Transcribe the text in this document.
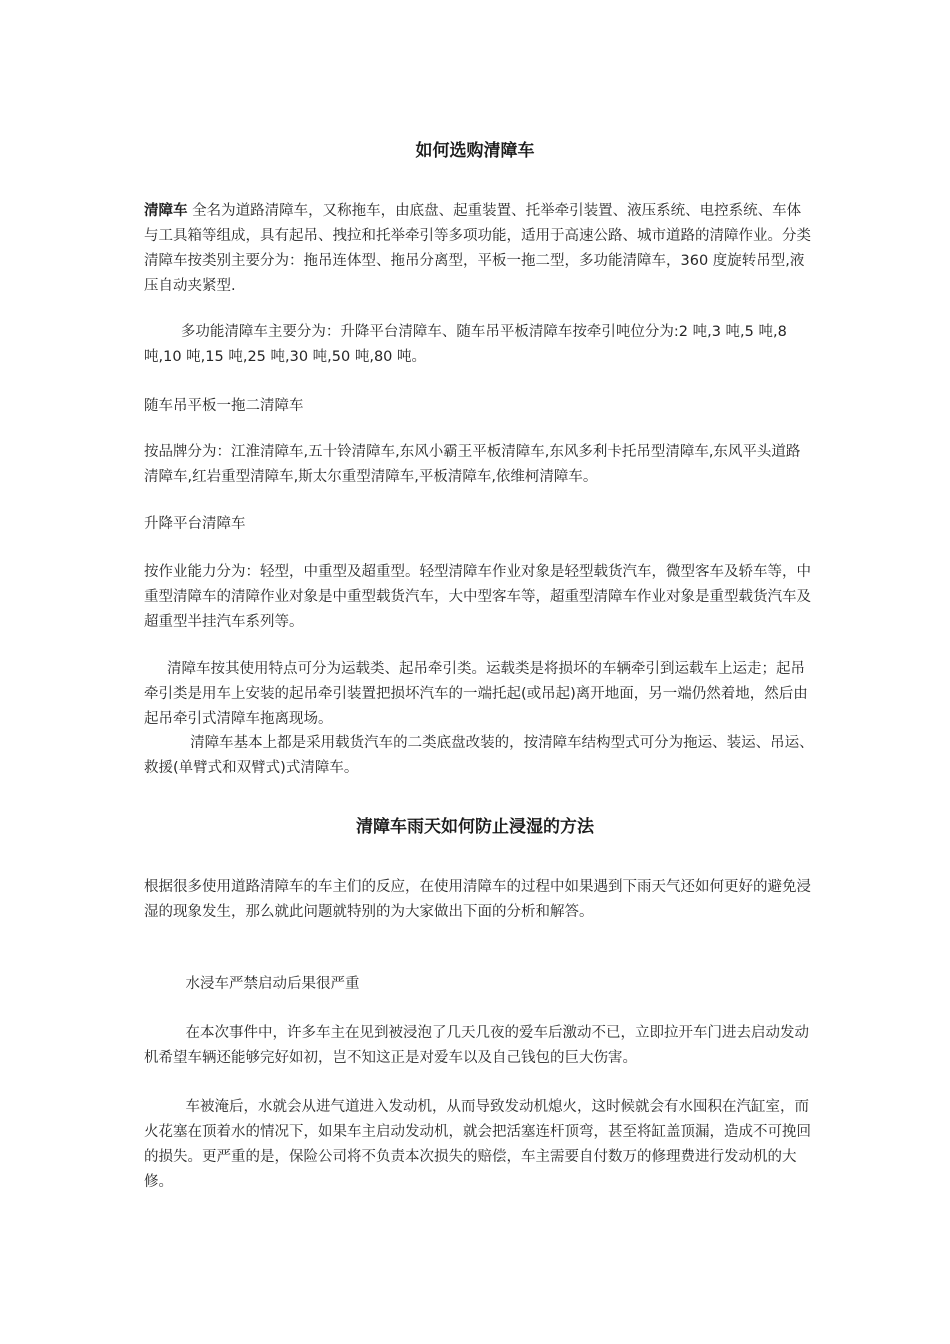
如何选购清障车
清障车 全名为道路清障车，又称拖车，由底盘、起重装置、托举牵引装置、液压系统、电控系统、车体与工具箱等组成，具有起吊、拽拉和托举牵引等多项功能，适用于高速公路、城市道路的清障作业。分类 清障车按类别主要分为：拖吊连体型、拖吊分离型，平板一拖二型，多功能清障车，360 度旋转吊型,液压自动夹紧型.
多功能清障车主要分为：升降平台清障车、随车吊平板清障车按牵引吨位分为:2 吨,3 吨,5 吨,8 吨,10 吨,15 吨,25 吨,30 吨,50 吨,80 吨。
随车吊平板一拖二清障车
按品牌分为：江淮清障车,五十铃清障车,东风小霸王平板清障车,东风多利卡托吊型清障车,东风平头道路清障车,红岩重型清障车,斯太尔重型清障车,平板清障车,依维柯清障车。
升降平台清障车
按作业能力分为：轻型，中重型及超重型。轻型清障车作业对象是轻型载货汽车，微型客车及轿车等，中重型清障车的清障作业对象是中重型载货汽车，大中型客车等，超重型清障车作业对象是重型载货汽车及超重型半挂汽车系列等。
清障车按其使用特点可分为运载类、起吊牵引类。运载类是将损坏的车辆牵引到运载车上运走；起吊牵引类是用车上安装的起吊牵引装置把损坏汽车的一端托起(或吊起)离开地面，另一端仍然着地，然后由起吊牵引式清障车拖离现场。
清障车基本上都是采用载货汽车的二类底盘改装的，按清障车结构型式可分为拖运、装运、吊运、救援(单臂式和双臂式)式清障车。
清障车雨天如何防止浸湿的方法
根据很多使用道路清障车的车主们的反应，在使用清障车的过程中如果遇到下雨天气还如何更好的避免浸湿的现象发生，那么就此问题就特别的为大家做出下面的分析和解答。
水浸车严禁启动后果很严重
在本次事件中，许多车主在见到被浸泡了几天几夜的爱车后激动不已，立即拉开车门进去启动发动机希望车辆还能够完好如初，岂不知这正是对爱车以及自己钱包的巨大伤害。
车被淹后，水就会从进气道进入发动机，从而导致发动机熄火，这时候就会有水囤积在汽缸室，而火花塞在顶着水的情况下，如果车主启动发动机，就会把活塞连杆顶弯，甚至将缸盖顶漏，造成不可挽回的损失。更严重的是，保险公司将不负责本次损失的赔偿，车主需要自付数万的修理费进行发动机的大修。
